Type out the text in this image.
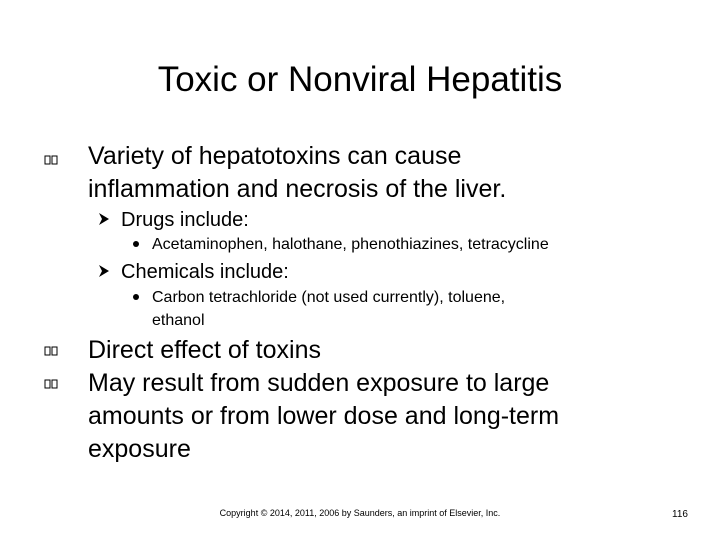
Toxic or Nonviral Hepatitis
Variety of hepatotoxins can cause
inflammation and necrosis of the liver.
Drugs include:
Acetaminophen, halothane, phenothiazines, tetracycline
Chemicals include:
Carbon tetrachloride (not used currently), toluene,
ethanol
Direct effect of toxins
May result from sudden exposure to large
amounts or from lower dose and long-term
exposure
Copyright © 2014, 2011, 2006 by Saunders, an imprint of Elsevier, Inc.	116
